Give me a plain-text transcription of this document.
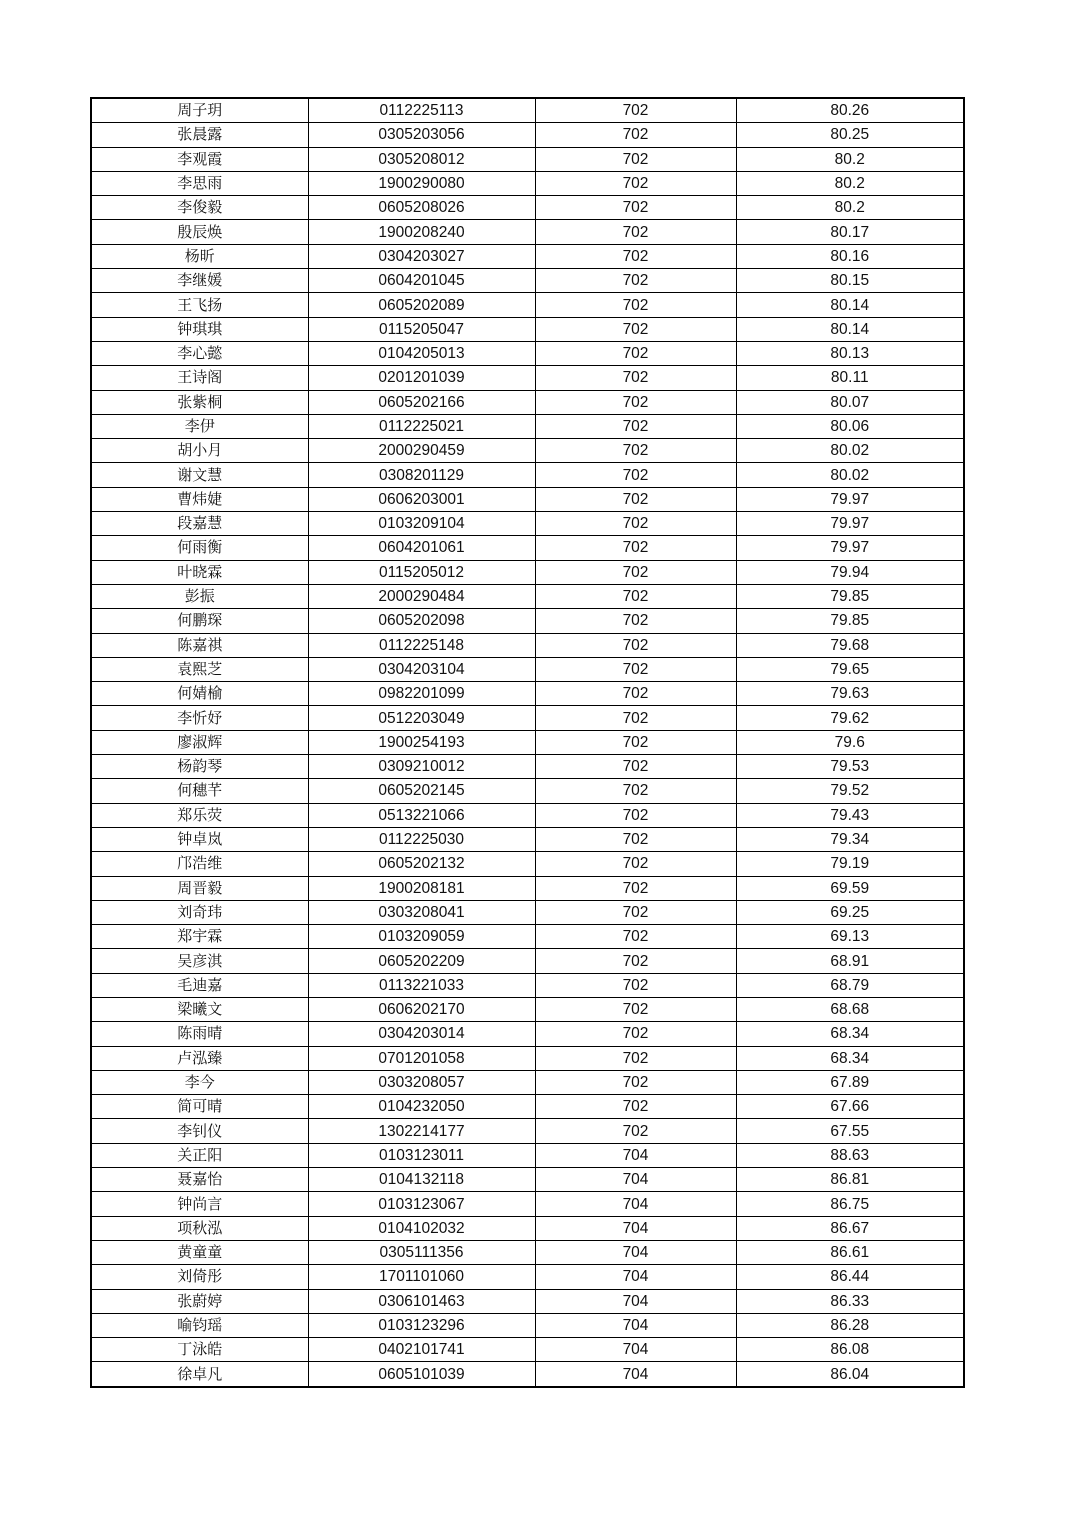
周子玥	0112225113	702	80.26
张晨露	0305203056	702	80.25
李观霞	0305208012	702	80.2
李思雨	1900290080	702	80.2
李俊毅	0605208026	702	80.2
殷辰焕	1900208240	702	80.17
杨昕	0304203027	702	80.16
李继媛	0604201045	702	80.15
王飞扬	0605202089	702	80.14
钟琪琪	0115205047	702	80.14
李心懿	0104205013	702	80.13
王诗阁	0201201039	702	80.11
张紫桐	0605202166	702	80.07
李伊	0112225021	702	80.06
胡小月	2000290459	702	80.02
谢文慧	0308201129	702	80.02
曹炜婕	0606203001	702	79.97
段嘉慧	0103209104	702	79.97
何雨衡	0604201061	702	79.97
叶晓霖	0115205012	702	79.94
彭振	2000290484	702	79.85
何鹏琛	0605202098	702	79.85
陈嘉祺	0112225148	702	79.68
袁熙芝	0304203104	702	79.65
何婧榆	0982201099	702	79.63
李忻妤	0512203049	702	79.62
廖淑辉	1900254193	702	79.6
杨韵琴	0309210012	702	79.53
何穗芊	0605202145	702	79.52
郑乐荧	0513221066	702	79.43
钟卓岚	0112225030	702	79.34
邝浩维	0605202132	702	79.19
周晋毅	1900208181	702	69.59
刘奇玮	0303208041	702	69.25
郑宇霖	0103209059	702	69.13
吴彦淇	0605202209	702	68.91
毛迪嘉	0113221033	702	68.79
梁曦文	0606202170	702	68.68
陈雨晴	0304203014	702	68.34
卢泓臻	0701201058	702	68.34
李今	0303208057	702	67.89
简可晴	0104232050	702	67.66
李钊仪	1302214177	702	67.55
关正阳	0103123011	704	88.63
聂嘉怡	0104132118	704	86.81
钟尚言	0103123067	704	86.75
项秋泓	0104102032	704	86.67
黄童童	0305111356	704	86.61
刘倚彤	1701101060	704	86.44
张蔚婷	0306101463	704	86.33
喻钧瑶	0103123296	704	86.28
丁泳皓	0402101741	704	86.08
徐卓凡	0605101039	704	86.04
